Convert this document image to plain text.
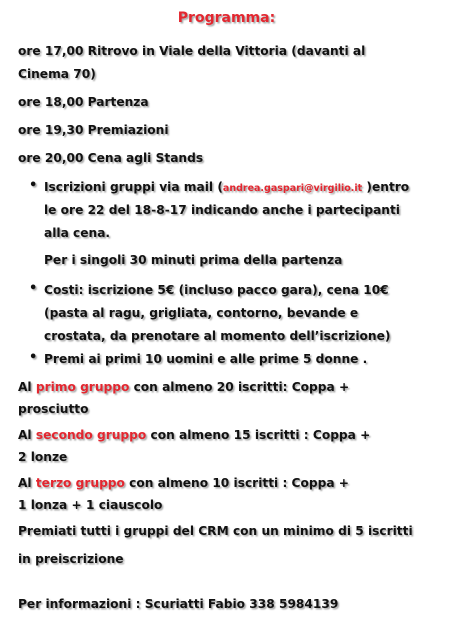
Programma:
ore 17,00 Ritrovo in Viale della Vittoria (davanti al
Cinema 70)
ore 18,00 Partenza
ore 19,30 Premiazioni
ore 20,00 Cena agli Stands
• Iscrizioni gruppi via mail (andrea.gaspari@virgilio.it )entro
le ore 22 del 18-8-17 indicando anche i partecipanti
alla cena.
Per i singoli 30 minuti prima della partenza
• Costi: iscrizione 5€ (incluso pacco gara), cena 10€
(pasta al ragu, grigliata, contorno, bevande e
crostata, da prenotare al momento dell’iscrizione)
• Premi ai primi 10 uomini e alle prime 5 donne .
Al primo gruppo con almeno 20 iscritti: Coppa +
prosciutto
Al secondo gruppo con almeno 15 iscritti : Coppa +
2 lonze
Al terzo gruppo con almeno 10 iscritti : Coppa +
1 lonza + 1 ciauscolo
Premiati tutti i gruppi del CRM con un minimo di 5 iscritti
in preiscrizione
Per informazioni : Scuriatti Fabio 338 5984139
